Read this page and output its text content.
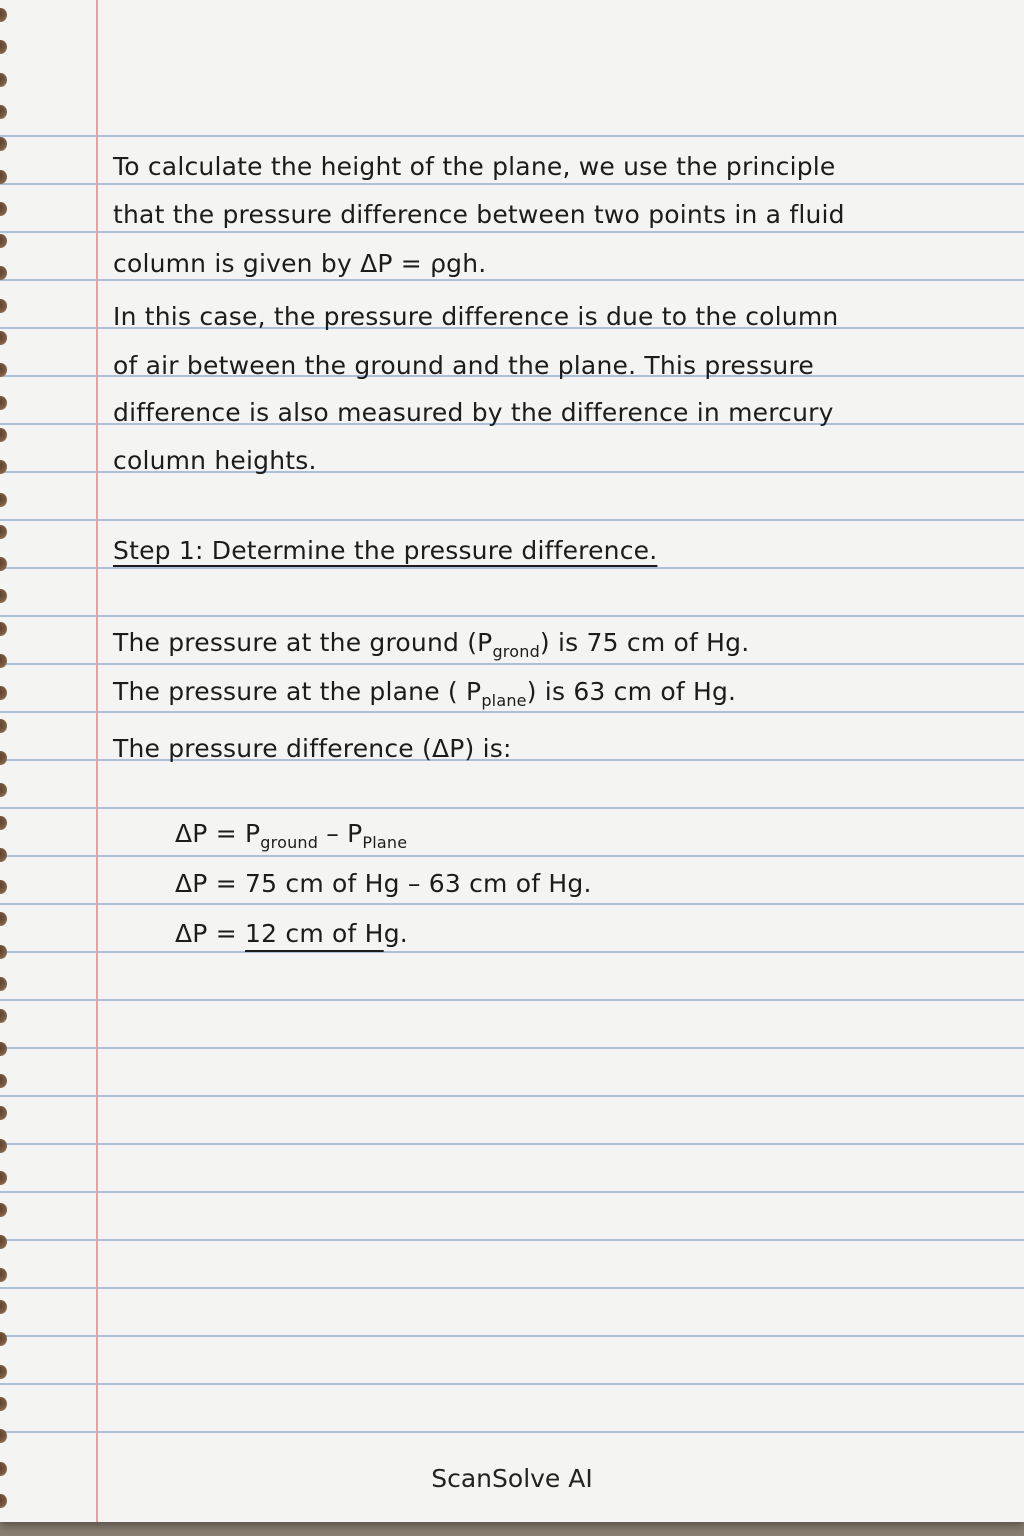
To calculate the height of the plane, we use the principle
that the pressure difference between two points in a fluid
column is given by ΔP = ρgh.
In this case, the pressure difference is due to the column
of air between the ground and the plane. This pressure
difference is also measured by the difference in mercury
column heights.
Step 1: Determine the pressure difference.
The pressure at the ground $(P_{grond})$ is 75 cm of Hg.
The pressure at the plane ( $P_{plane}$) is 63 cm of Hg.
The pressure difference (ΔP) is:
$\Delta P = P_{ground} - P_{Plane}$
ΔP = 75 cm of Hg – 63 cm of Hg.
ΔP = 12 cm of Hg.
ScanSolve AI
